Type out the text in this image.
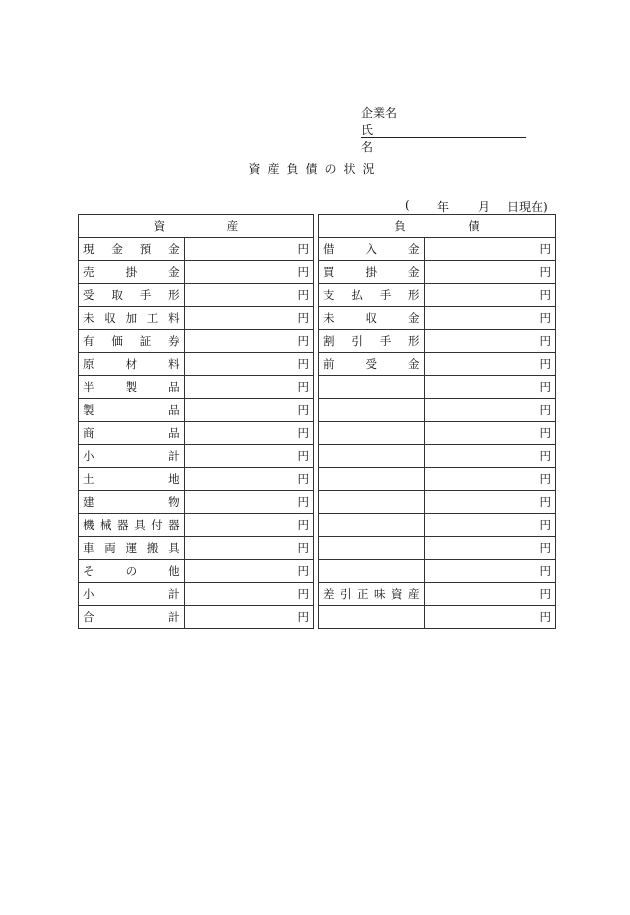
企業名
氏　名
資産負債の状況
( 年 月 日現在)
資 産	

現金預金	円
売掛金	円
受取手形	円
未収加工料	円
有価証券	円
原材料	円
半製品	円
製品	円
商品	円
小計	円
土地	円
建物	円
機械器具付器	円
車両運搬具	円
その他	円
小計	円
合計	円
負 債	

借入金	円
買掛金	円
支払手形	円
未収金	円
割引手形	円
前受金	円
	円
	円
	円
	円
	円
	円
	円
	円
	円
差引正味資産	円
	円
